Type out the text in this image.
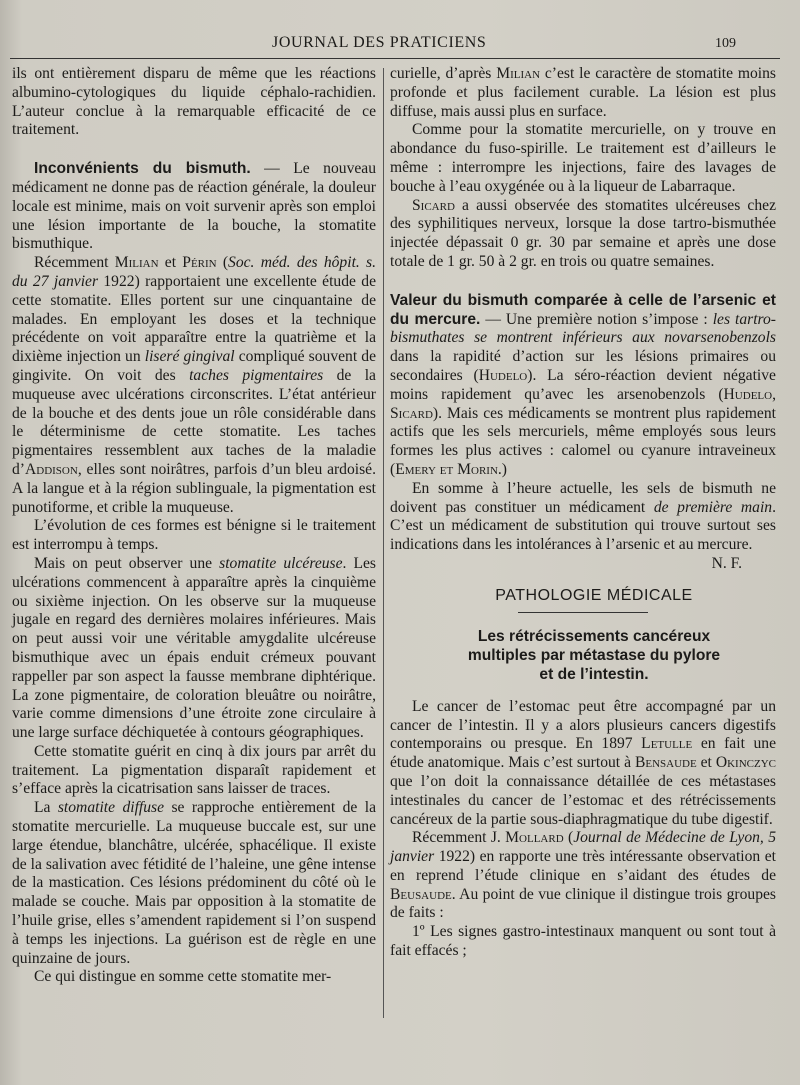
JOURNAL DES PRATICIENS	109

ils ont entièrement disparu de même que les réactions albumino-cytologiques du liquide céphalo-rachidien. L’auteur conclue à la remarquable efficacité de ce traitement.

Inconvénients du bismuth. — Le nouveau médicament ne donne pas de réaction générale, la douleur locale est minime, mais on voit survenir après son emploi une lésion importante de la bouche, la stomatite bismuthique.

Récemment Milian et Périn (Soc. méd. des hôpit. s. du 27 janvier 1922) rapportaient une excellente étude de cette stomatite. Elles portent sur une cinquantaine de malades. En employant les doses et la technique précédente on voit apparaître entre la quatrième et la dixième injection un liseré gingival compliqué souvent de gingivite. On voit des taches pigmentaires de la muqueuse avec ulcérations circonscrites. L’état antérieur de la bouche et des dents joue un rôle considérable dans le déterminisme de cette stomatite. Les taches pigmentaires ressemblent aux taches de la maladie d’Addison, elles sont noirâtres, parfois d’un bleu ardoisé. A la langue et à la région sublinguale, la pigmentation est punotiforme, et crible la muqueuse.

L’évolution de ces formes est bénigne si le traitement est interrompu à temps.

Mais on peut observer une stomatite ulcéreuse. Les ulcérations commencent à apparaître après la cinquième ou sixième injection. On les observe sur la muqueuse jugale en regard des dernières molaires inférieures. Mais on peut aussi voir une véritable amygdalite ulcéreuse bismuthique avec un épais enduit crémeux pouvant rappeller par son aspect la fausse membrane diphtérique. La zone pigmentaire, de coloration bleuâtre ou noirâtre, varie comme dimensions d’une étroite zone circulaire à une large surface déchiquetée à contours géographiques.

Cette stomatite guérit en cinq à dix jours par arrêt du traitement. La pigmentation disparaît rapidement et s’efface après la cicatrisation sans laisser de traces.

La stomatite diffuse se rapproche entièrement de la stomatite mercurielle. La muqueuse buccale est, sur une large étendue, blanchâtre, ulcérée, sphacélique. Il existe de la salivation avec fétidité de l’haleine, une gêne intense de la mastication. Ces lésions prédominent du côté où le malade se couche. Mais par opposition à la stomatite de l’huile grise, elles s’amendent rapidement si l’on suspend à temps les injections. La guérison est de règle en une quinzaine de jours.

Ce qui distingue en somme cette stomatite mer-

curielle, d’après Milian c’est le caractère de stomatite moins profonde et plus facilement curable. La lésion est plus diffuse, mais aussi plus en surface.

Comme pour la stomatite mercurielle, on y trouve en abondance du fuso-spirille. Le traitement est d’ailleurs le même : interrompre les injections, faire des lavages de bouche à l’eau oxygénée ou à la liqueur de Labarraque.

Sicard a aussi observée des stomatites ulcéreuses chez des syphilitiques nerveux, lorsque la dose tartro-bismuthée injectée dépassait 0 gr. 30 par semaine et après une dose totale de 1 gr. 50 à 2 gr. en trois ou quatre semaines.

Valeur du bismuth comparée à celle de l’arsenic et du mercure. — Une première notion s’impose : les tartro-bismuthates se montrent inférieurs aux novarsenobenzols dans la rapidité d’action sur les lésions primaires ou secondaires (Hudelo). La séro-réaction devient négative moins rapidement qu’avec les arsenobenzols (Hudelo, Sicard). Mais ces médicaments se montrent plus rapidement actifs que les sels mercuriels, même employés sous leurs formes les plus actives : calomel ou cyanure intraveineux (Emery et Morin.)

En somme à l’heure actuelle, les sels de bismuth ne doivent pas constituer un médicament de première main. C’est un médicament de substitution qui trouve surtout ses indications dans les intolérances à l’arsenic et au mercure.
N. F.

PATHOLOGIE MÉDICALE

Les rétrécissements cancéreux

multiples par métastase du pylore

et de l’intestin.

Le cancer de l’estomac peut être accompagné par un cancer de l’intestin. Il y a alors plusieurs cancers digestifs contemporains ou presque. En 1897 Letulle en fait une étude anatomique. Mais c’est surtout à Bensaude et Okinczyc que l’on doit la connaissance détaillée de ces métastases intestinales du cancer de l’estomac et des rétrécissements cancéreux de la partie sous-diaphragmatique du tube digestif.

Récemment J. Mollard (Journal de Médecine de Lyon, 5 janvier 1922) en rapporte une très intéressante observation et en reprend l’étude clinique en s’aidant des études de Beusaude. Au point de vue clinique il distingue trois groupes de faits :

1º Les signes gastro-intestinaux manquent ou sont tout à fait effacés ;
